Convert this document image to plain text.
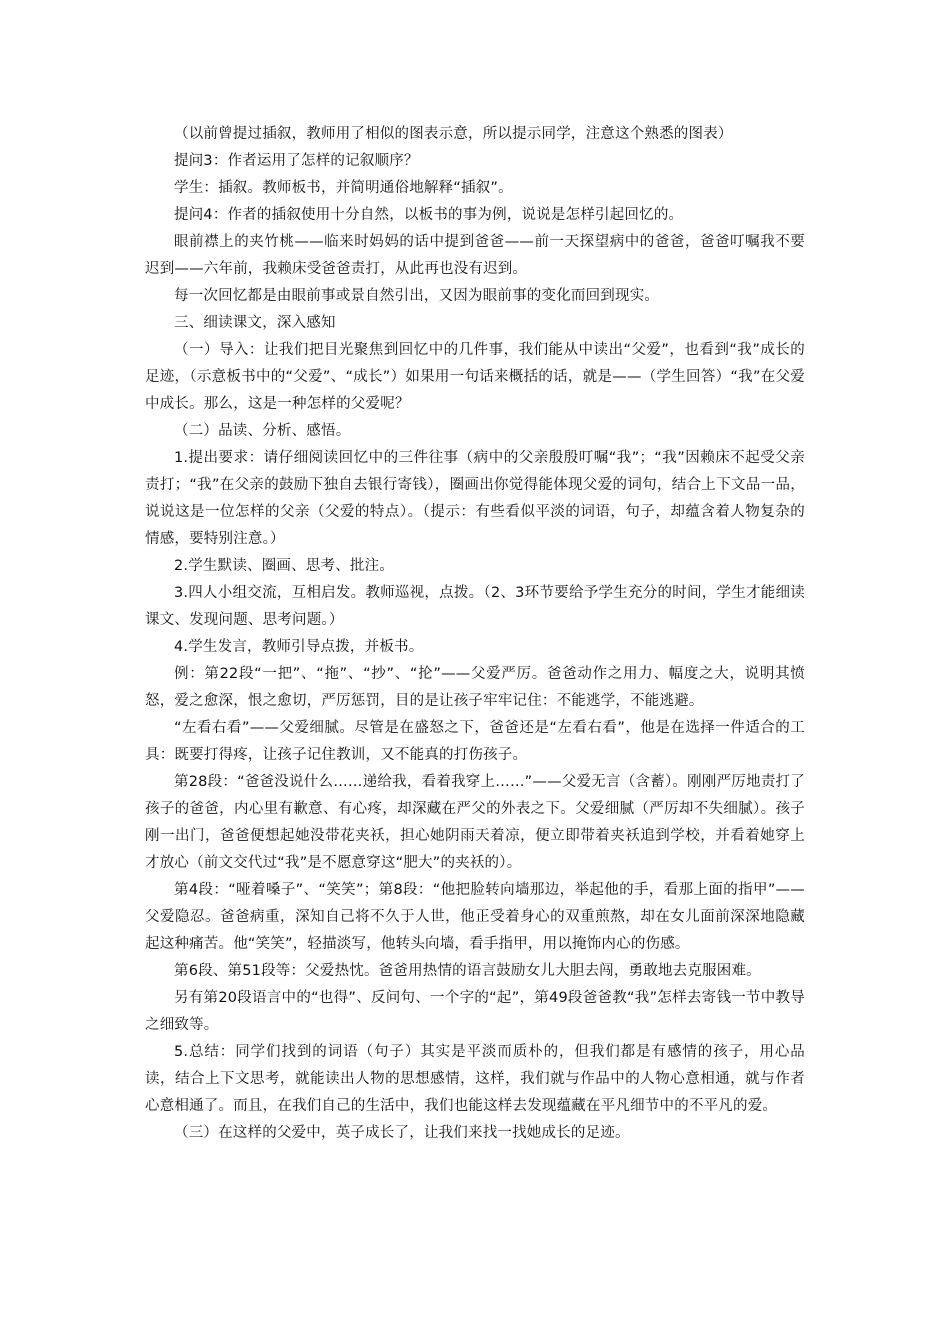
（以前曾提过插叙，教师用了相似的图表示意，所以提示同学，注意这个熟悉的图表）

提问3：作者运用了怎样的记叙顺序？

学生：插叙。教师板书，并简明通俗地解释“插叙”。

提问4：作者的插叙使用十分自然，以板书的事为例，说说是怎样引起回忆的。

眼前襟上的夹竹桃——临来时妈妈的话中提到爸爸——前一天探望病中的爸爸，爸爸叮嘱我不要迟到——六年前，我赖床受爸爸责打，从此再也没有迟到。

每一次回忆都是由眼前事或景自然引出，又因为眼前事的变化而回到现实。

三、细读课文，深入感知

（一）导入：让我们把目光聚焦到回忆中的几件事，我们能从中读出“父爱”，也看到“我”成长的足迹，（示意板书中的“父爱”、“成长”）如果用一句话来概括的话，就是——（学生回答）“我”在父爱中成长。那么，这是一种怎样的父爱呢？

（二）品读、分析、感悟。

1.提出要求：请仔细阅读回忆中的三件往事（病中的父亲殷殷叮嘱“我”；“我”因赖床不起受父亲责打；“我”在父亲的鼓励下独自去银行寄钱），圈画出你觉得能体现父爱的词句，结合上下文品一品，说说这是一位怎样的父亲（父爱的特点）。（提示：有些看似平淡的词语，句子，却蕴含着人物复杂的情感，要特别注意。）

2.学生默读、圈画、思考、批注。

3.四人小组交流，互相启发。教师巡视，点拨。（2、3环节要给予学生充分的时间，学生才能细读课文、发现问题、思考问题。）

4.学生发言，教师引导点拨，并板书。

例：第22段“一把”、“拖”、“抄”、“抡”——父爱严厉。爸爸动作之用力、幅度之大，说明其愤怒，爱之愈深，恨之愈切，严厉惩罚，目的是让孩子牢牢记住：不能逃学，不能逃避。

“左看右看”——父爱细腻。尽管是在盛怒之下，爸爸还是“左看右看”，他是在选择一件适合的工具：既要打得疼，让孩子记住教训，又不能真的打伤孩子。

第28段：“爸爸没说什么……递给我，看着我穿上……”——父爱无言（含蓄）。刚刚严厉地责打了孩子的爸爸，内心里有歉意、有心疼，却深藏在严父的外表之下。父爱细腻（严厉却不失细腻）。孩子刚一出门，爸爸便想起她没带花夹袄，担心她阴雨天着凉，便立即带着夹袄追到学校，并看着她穿上才放心（前文交代过“我”是不愿意穿这“肥大”的夹袄的）。

第4段：“哑着嗓子”、“笑笑”；第8段：“他把脸转向墙那边，举起他的手，看那上面的指甲”——父爱隐忍。爸爸病重，深知自己将不久于人世，他正受着身心的双重煎熬，却在女儿面前深深地隐藏起这种痛苦。他“笑笑”，轻描淡写，他转头向墙，看手指甲，用以掩饰内心的伤感。

第6段、第51段等：父爱热忱。爸爸用热情的语言鼓励女儿大胆去闯，勇敢地去克服困难。

另有第20段语言中的“也得”、反问句、一个字的“起”，第49段爸爸教“我”怎样去寄钱一节中教导之细致等。

5.总结：同学们找到的词语（句子）其实是平淡而质朴的，但我们都是有感情的孩子，用心品读，结合上下文思考，就能读出人物的思想感情，这样，我们就与作品中的人物心意相通，就与作者心意相通了。而且，在我们自己的生活中，我们也能这样去发现蕴藏在平凡细节中的不平凡的爱。

（三）在这样的父爱中，英子成长了，让我们来找一找她成长的足迹。
